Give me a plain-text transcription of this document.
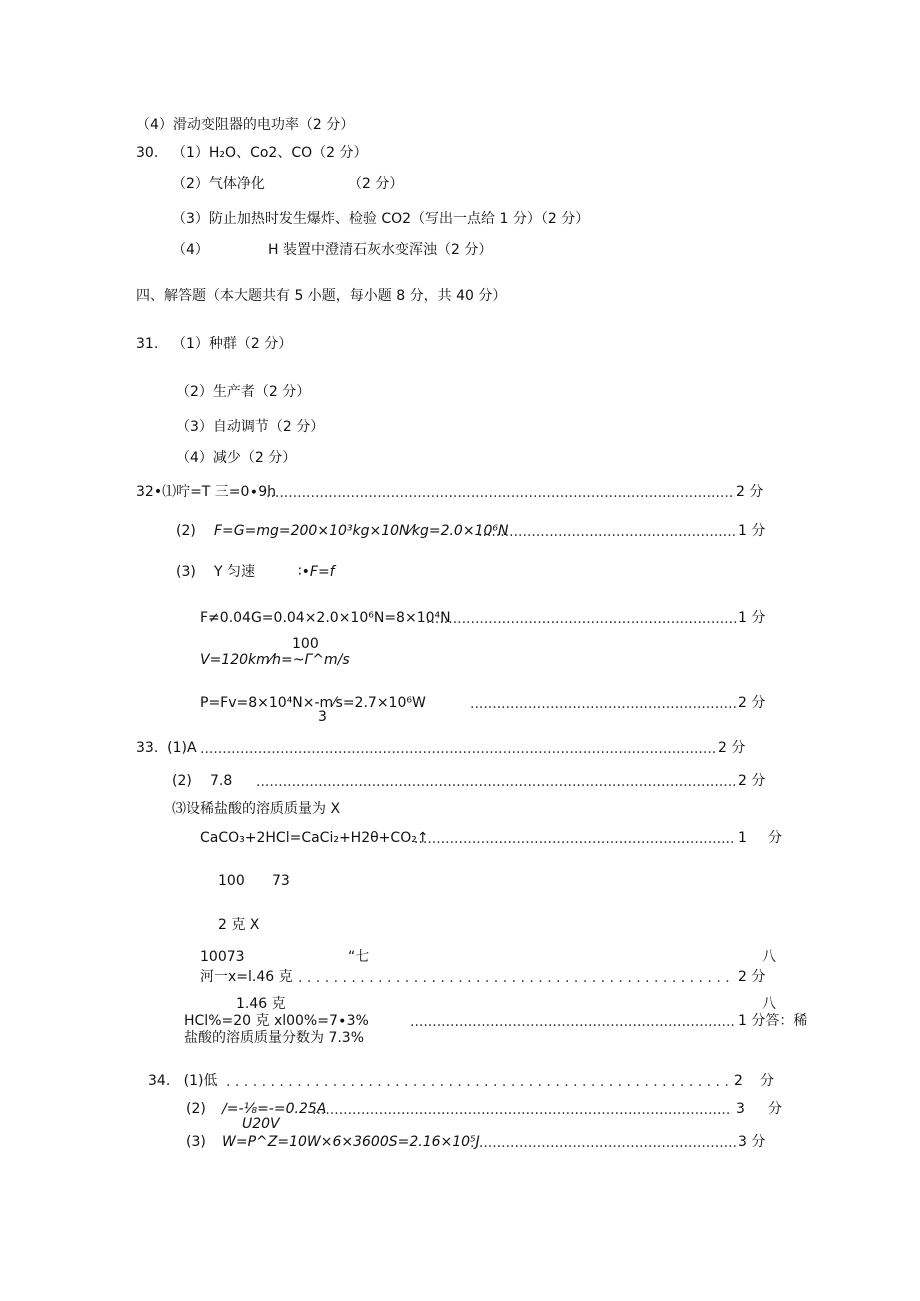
（4）滑动变阻器的电功率（2 分）
30. （1）H₂O、Co2、CO（2 分）
（2）气体净化	（2 分）
（3）防止加热时发生爆炸、检验 CO2（写出一点给 1 分）（2 分）
（4）	H 装置中澄清石灰水变浑浊（2 分）
四、解答题（本大题共有 5 小题，每小题 8 分，共 40 分）
31. （1）种群（2 分）
（2）生产者（2 分）
（3）自动调节（2 分）
（4）减少（2 分）
32•⑴咛=T 三=0∙9h .....	2 分
(2) F=G=mg=200×10³kg×10N⁄kg=2.0×10⁶N .....	1 分
(3) Y 匀速	∶•F=f
F≠0.04G=0.04×2.0×10⁶N=8×10⁴N .....	1 分
100
V=120km⁄h=~Γ^m/s
P=Fv=8×10⁴N×-m⁄s=2.7×10⁶W .....	2 分
3
33.  (1)A .....	2 分
(2) 7.8 .....	2 分
⑶设稀盐酸的溶质质量为 X
CaCO₃+2HCl=CaCi₂+H2θ+CO₂↑ .....	1 分
100 73
2 克 X
10073	“七	八
河一x=l.46 克 . . .	2 分
1.46 克	八
HCl%=20 克 xl00%=7∙3% .....	1 分答：稀
盐酸的溶质质量分数为 7.3%
34.   (1)低 . . .	2 分
(2) ∕=-⅛=-=0.25A .....	3 分
U20V
(3) W=P^Z=10W×6×3600S=2.16×10⁵J .....	3 分
